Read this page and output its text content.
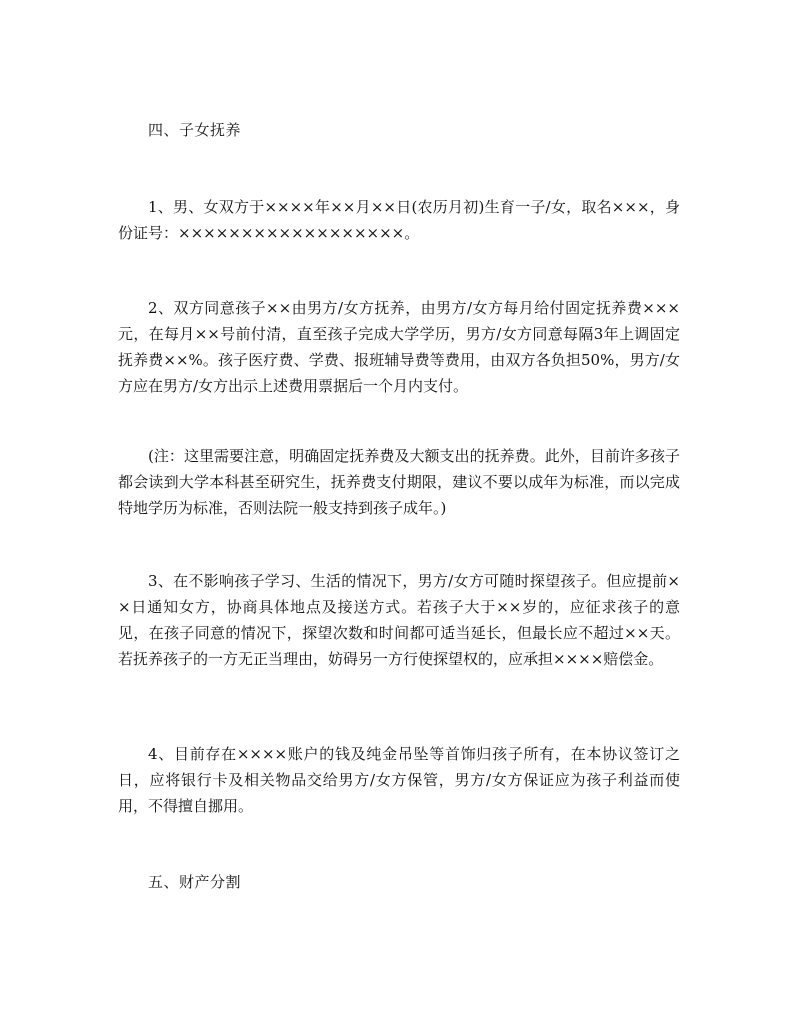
四、子女抚养

1、男、女双方于××××年××月××日(农历月初)生育一子/女，取名×××，身份证号：××××××××××××××××××。

2、双方同意孩子××由男方/女方抚养，由男方/女方每月给付固定抚养费×××元，在每月××号前付清，直至孩子完成大学学历，男方/女方同意每隔3年上调固定抚养费××%。孩子医疗费、学费、报班辅导费等费用，由双方各负担50%，男方/女方应在男方/女方出示上述费用票据后一个月内支付。

(注：这里需要注意，明确固定抚养费及大额支出的抚养费。此外，目前许多孩子都会读到大学本科甚至研究生，抚养费支付期限，建议不要以成年为标准，而以完成特地学历为标准，否则法院一般支持到孩子成年。)

3、在不影响孩子学习、生活的情况下，男方/女方可随时探望孩子。但应提前××日通知女方，协商具体地点及接送方式。若孩子大于××岁的，应征求孩子的意见，在孩子同意的情况下，探望次数和时间都可适当延长，但最长应不超过××天。若抚养孩子的一方无正当理由，妨碍另一方行使探望权的，应承担××××赔偿金。

4、目前存在××××账户的钱及纯金吊坠等首饰归孩子所有，在本协议签订之日，应将银行卡及相关物品交给男方/女方保管，男方/女方保证应为孩子利益而使用，不得擅自挪用。

五、财产分割
